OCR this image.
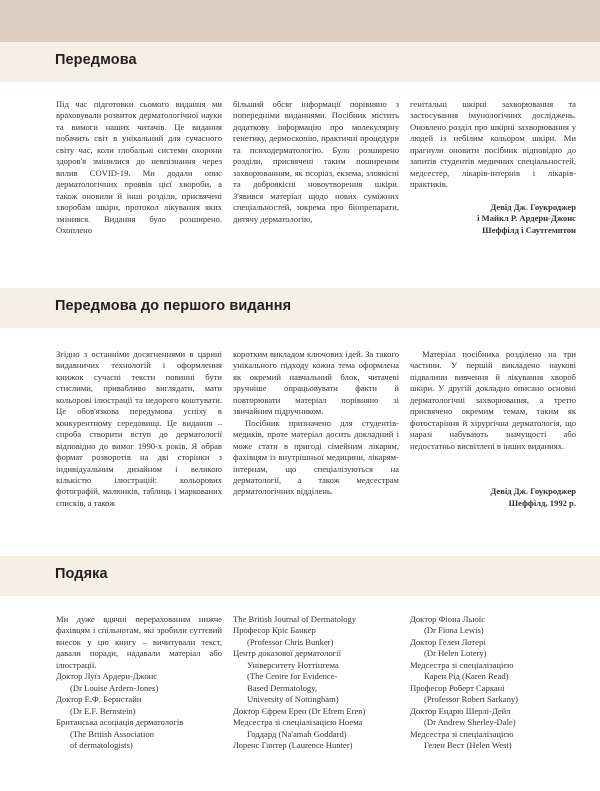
Передмова

Під час підготовки сьомого видання ми враховували розвиток дерматологічної науки та вимоги наших читачів. Це видання побачить світ в унікальний для сучасного світу час, коли глобальні системи охорони здоров'я змінилися до невпізнання через вплив COVID-19. Ми додали опис дерматологічних проявів цієї хвороби, а також оновили й інші розділи, присвячені хворобам шкіри, протокол лікування яких змінився. Видання було розширено. Охоплено

більший обсяг інформації порівняно з попередніми виданнями. Посібник містить додаткову інформацію про молекулярну генетику, дермоскопію, практичні процедури та психодерматологію. Було розширено розділи, присвячені таким поширеним захворюванням, як псоріаз, екзема, злоякісні та доброякісні новоутворення шкіри. З'явився матеріал щодо нових суміжних спеціальностей, зокрема про біопрепарати, дитячу дерматологію,

генітальні шкірні захворювання та застосування імунологічних досліджень. Оновлено розділ про шкірні захворювання у людей із небілим кольором шкіри. Ми прагнули оновити посібник відповідно до запитів студентів медичних спеціальностей, медсестер, лікарів-інтернів і лікарів-практиків.

Девід Дж. Гоукроджер
і Майкл Р. Ардерн-Джонс
Шеффілд і Саутгемптон

Передмова до першого видання

Згідно з останніми досягненнями в царині видавничих технологій і оформлення книжок сучасні тексти повинні бути стислими, привабливо виглядати, мати кольорові ілюстрації та недорого коштувати. Це обов'язкова передумова успіху в конкурентному середовищі. Це видання – спроба створити вступ до дерматології відповідно до вимог 1990-х років. Я обрав формат розворотів на дві сторінки з індивідуальним дизайном і великою кількістю ілюстрацій: кольорових фотографій, малюнків, таблиць і маркованих списків, а також

коротким викладом ключових ідей. За такого унікального підходу кожна тема оформлена як окремий навчальний блок, читачеві зручніше опрацьовувати факти й повторювати матеріал порівняно зі звичайним підручником.

Посібник призначено для студентів-медиків, проте матеріал досить докладний і може стати в пригоді сімейним лікарям, фахівцям із внутрішньої медицини, лікарям-інтернам, що спеціалізуються на дерматології, а також медсестрам дерматологічних відділень.

Матеріал посібника розділено на три частини. У першій викладено наукові підвалини вивчення й лікування хвороб шкіри. У другій докладно описано основні дерматологічні захворювання, а третю присвячено окремим темам, таким як фотостаріння й хірургічна дерматологія, що наразі набувають значущості або недостатньо висвітлені в інших виданнях.

Девід Дж. Гоукроджер
Шеффілд, 1992 р.

Подяка

Ми дуже вдячні перерахованим нижче фахівцям і спільнотам, які зробили суттєвий внесок у цю книгу – вичитували текст, давали поради, надавали матеріал або ілюстрації.

Доктор Луїз Ардерн-Джонс
(Dr Louise Ardern-Jones)
Доктор Е.Ф. Бернстайн
(Dr E.F. Bernstein)
Британська асоціація дерматологів
(The British Association
of dermatologists)
The British Journal of Dermatology
Професор Кріс Банкер
(Professor Chris Bunker)
Центр доказової дерматології
Університету Ноттінгема
(The Centre for Evidence-
Based Dermatology,
University of Nottingham)
Доктор Єфрем Ерен (Dr Efrem Eren)
Медсестра зі спеціалізацією Ноема
Годдард (Na'amah Goddard)
Лоренс Гантер (Laurence Hunter)
Доктор Фіона Льюїс
(Dr Fiona Lewis)
Доктор Гелен Лотері
(Dr Helen Lotery)
Медсестра зі спеціалізацією
Карен Рід (Karen Read)
Професор Роберт Саркані
(Professor Robert Sarkany)
Доктор Ендрю Шерлі-Дейл
(Dr Andrew Sherley-Dale)
Медсестра зі спеціалізацією
Гелен Вест (Helen West)
